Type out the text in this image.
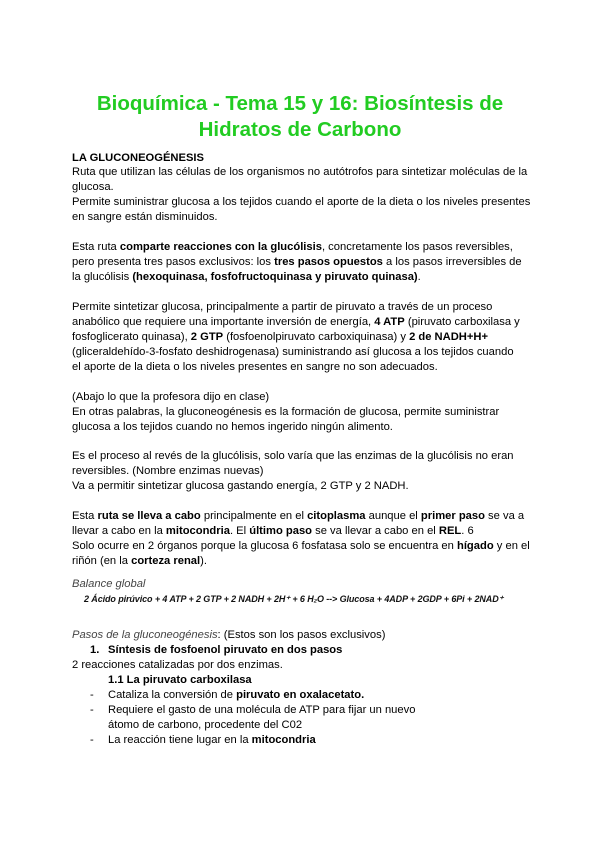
Bioquímica - Tema 15 y 16: Biosíntesis de
Hidratos de Carbono
LA GLUCONEOGÉNESIS
Ruta que utilizan las células de los organismos no autótrofos para sintetizar moléculas de la
glucosa.
Permite suministrar glucosa a los tejidos cuando el aporte de la dieta o los niveles presentes
en sangre están disminuidos.
Esta ruta comparte reacciones con la glucólisis, concretamente los pasos reversibles,
pero presenta tres pasos exclusivos: los tres pasos opuestos a los pasos irreversibles de
la glucólisis (hexoquinasa, fosfofructoquinasa y piruvato quinasa).
Permite sintetizar glucosa, principalmente a partir de piruvato a través de un proceso
anabólico que requiere una importante inversión de energía, 4 ATP (piruvato carboxilasa y
fosfoglicerato quinasa), 2 GTP (fosfoenolpiruvato carboxiquinasa) y 2 de NADH+H+
(gliceraldehído-3-fosfato deshidrogenasa) suministrando así glucosa a los tejidos cuando
el aporte de la dieta o los niveles presentes en sangre no son adecuados.
(Abajo lo que la profesora dijo en clase)
En otras palabras, la gluconeogénesis es la formación de glucosa, permite suministrar
glucosa a los tejidos cuando no hemos ingerido ningún alimento.
Es el proceso al revés de la glucólisis, solo varía que las enzimas de la glucólisis no eran
reversibles. (Nombre enzimas nuevas)
Va a permitir sintetizar glucosa gastando energía, 2 GTP y 2 NADH.
Esta ruta se lleva a cabo principalmente en el citoplasma aunque el primer paso se va a
llevar a cabo en la mitocondria. El último paso se va llevar a cabo en el REL. 6
Solo ocurre en 2 órganos porque la glucosa 6 fosfatasa solo se encuentra en hígado y en el
riñón (en la corteza renal).
Balance global
2 Ácido pirúvico + 4 ATP + 2 GTP + 2 NADH + 2H⁺ + 6 H₂O --> Glucosa + 4ADP + 2GDP + 6Pi + 2NAD⁺
Pasos de la gluconeogénesis: (Estos son los pasos exclusivos)
1. Síntesis de fosfoenol piruvato en dos pasos
2 reacciones catalizadas por dos enzimas.
1.1 La piruvato carboxilasa
- Cataliza la conversión de piruvato en oxalacetato.
- Requiere el gasto de una molécula de ATP para fijar un nuevo
átomo de carbono, procedente del C02
- La reacción tiene lugar en la mitocondria
